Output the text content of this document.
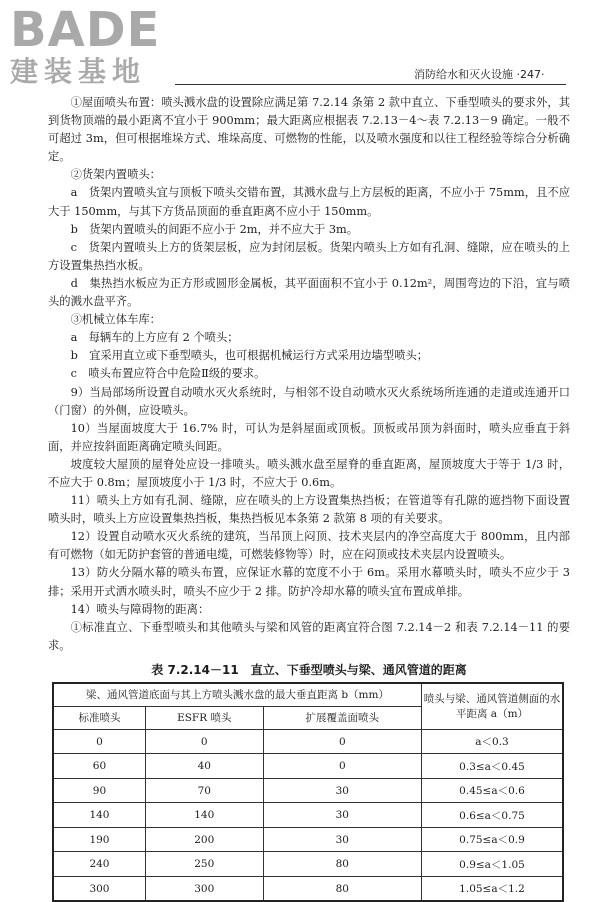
BADE
建装基地	消防给水和灭火设施 ·247·

①屋面喷头布置：喷头溅水盘的设置除应满足第 7.2.14 条第 2 款中直立、下垂型喷头的要求外，其到货物顶端的最小距离不宜小于 900mm；最大距离应根据表 7.2.13－4～表 7.2.13－9 确定。一般不可超过 3m，但可根据堆垛方式、堆垛高度、可燃物的性能，以及喷水强度和以往工程经验等综合分析确定。

②货架内置喷头：

a　货架内置喷头宜与顶板下喷头交错布置，其溅水盘与上方层板的距离，不应小于 75mm，且不应大于 150mm，与其下方货品顶面的垂直距离不应小于 150mm。

b　货架内置喷头的间距不应小于 2m，并不应大于 3m。

c　货架内置喷头上方的货架层板，应为封闭层板。货架内喷头上方如有孔洞、缝隙，应在喷头的上方设置集热挡水板。

d　集热挡水板应为正方形或圆形金属板，其平面面积不宜小于 0.12m²，周围弯边的下沿，宜与喷头的溅水盘平齐。

③机械立体车库：

a　每辆车的上方应有 2 个喷头；

b　宜采用直立或下垂型喷头，也可根据机械运行方式采用边墙型喷头；

c　喷头布置应符合中危险Ⅱ级的要求。

9）当局部场所设置自动喷水灭火系统时，与相邻不设自动喷水灭火系统场所连通的走道或连通开口（门窗）的外侧，应设喷头。

10）当屋面坡度大于 16.7% 时，可认为是斜屋面或顶板。顶板或吊顶为斜面时，喷头应垂直于斜面，并应按斜面距离确定喷头间距。

坡度较大屋顶的屋脊处应设一排喷头。喷头溅水盘至屋脊的垂直距离，屋顶坡度大于等于 1/3 时，不应大于 0.8m；屋顶坡度小于 1/3 时，不应大于 0.6m。

11）喷头上方如有孔洞、缝隙，应在喷头的上方设置集热挡板；在管道等有孔隙的遮挡物下面设置喷头时，喷头上方应设置集热挡板，集热挡板见本条第 2 款第 8 项的有关要求。

12）设置自动喷水灭火系统的建筑，当吊顶上闷顶、技术夹层内的净空高度大于 800mm，且内部有可燃物（如无防护套管的普通电缆，可燃装修物等）时，应在闷顶或技术夹层内设置喷头。

13）防火分隔水幕的喷头布置，应保证水幕的宽度不小于 6m。采用水幕喷头时，喷头不应少于 3 排；采用开式洒水喷头时，喷头不应少于 2 排。防护冷却水幕的喷头宜布置成单排。

14）喷头与障碍物的距离：

①标准直立、下垂型喷头和其他喷头与梁和风管的距离宜符合图 7.2.14－2 和表 7.2.14－11 的要求。

表 7.2.14－11　直立、下垂型喷头与梁、通风管道的距离
梁、通风管道底面与其上方喷头溅水盘的最大垂直距离 b（mm）			喷头与梁、通风管道侧面的水平距离 a（m）
标准喷头	ESFR 喷头	扩展覆盖面喷头	
0	0	0	a＜0.3
60	40	0	0.3≤a＜0.45
90	70	30	0.45≤a＜0.6
140	140	30	0.6≤a＜0.75
190	200	30	0.75≤a＜0.9
240	250	80	0.9≤a＜1.05
300	300	80	1.05≤a＜1.2
